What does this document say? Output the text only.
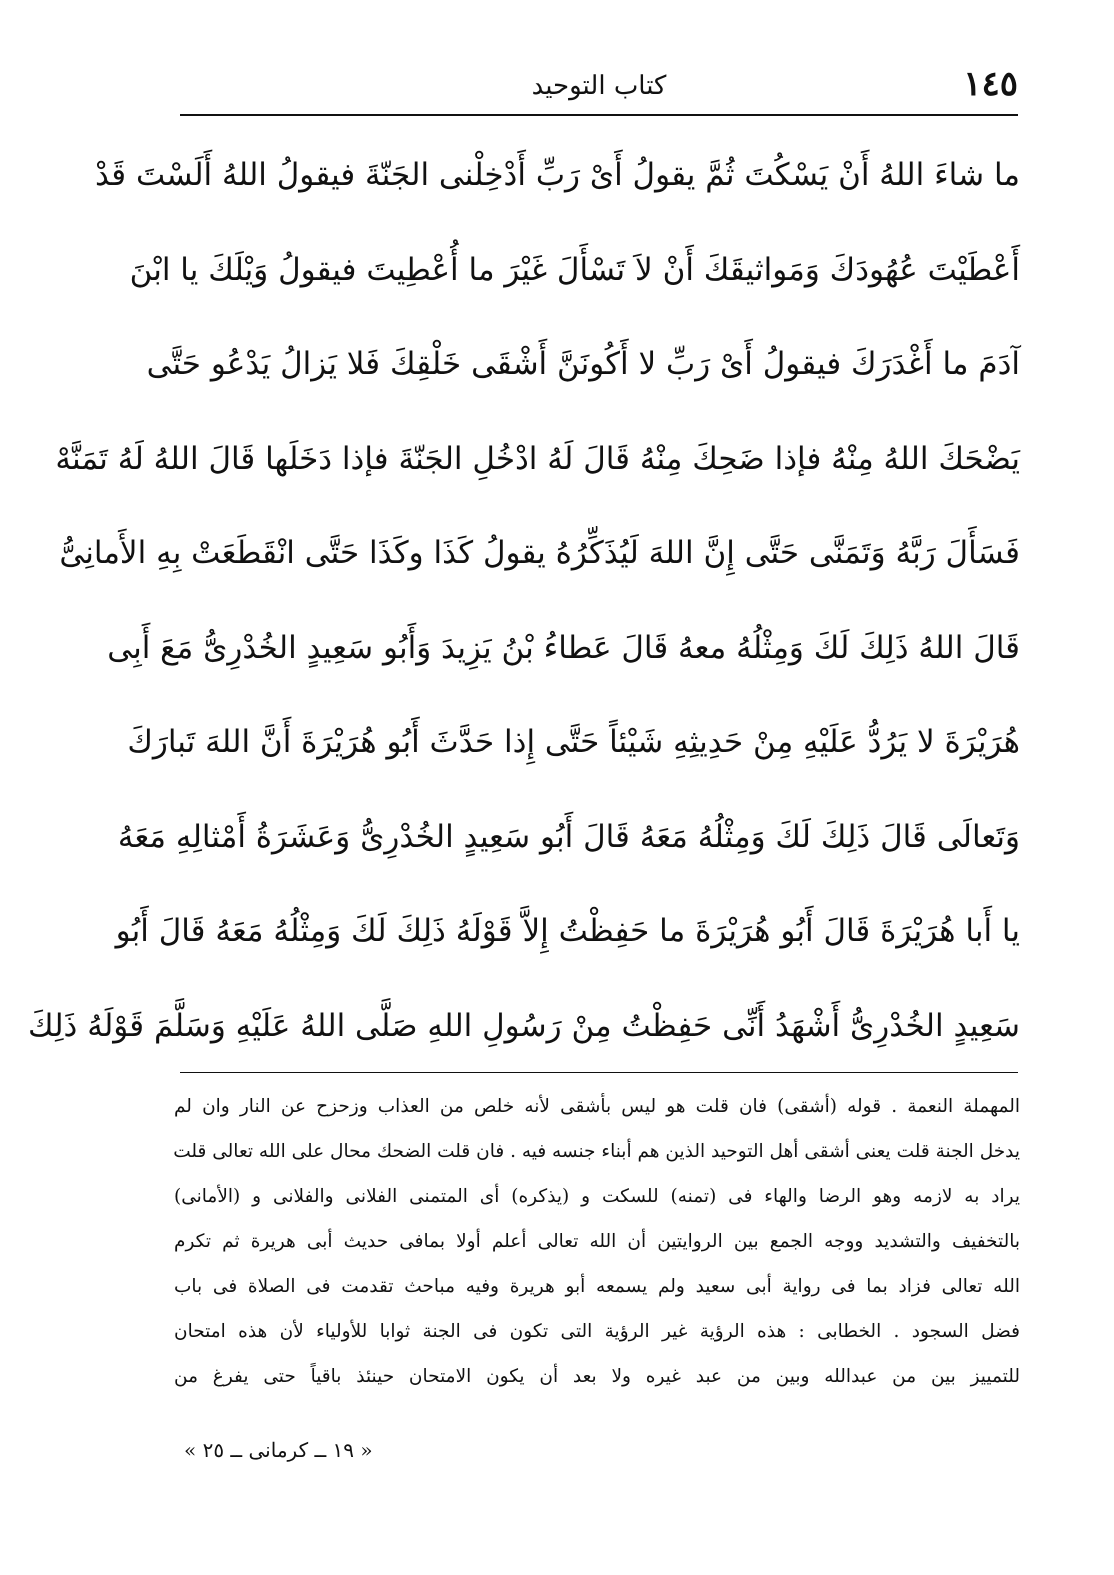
١٤٥
كتاب التوحيد
ما شاءَ اللهُ أَنْ يَسْكُتَ ثُمَّ يقولُ أَىْ رَبِّ أَدْخِلْنى الجَنّةَ فيقولُ اللهُ أَلَسْتَ قَدْ
أَعْطَيْتَ عُهُودَكَ وَمَواثيقَكَ أَنْ لاَ تَسْأَلَ غَيْرَ ما أُعْطِيتَ فيقولُ وَيْلَكَ يا ابْنَ
آدَمَ ما أَغْدَرَكَ فيقولُ أَىْ رَبِّ لا أَكُونَنَّ أَشْقَى خَلْقِكَ فَلا يَزالُ يَدْعُو حَتَّى
يَضْحَكَ اللهُ مِنْهُ فإذا ضَحِكَ مِنْهُ قَالَ لَهُ ادْخُلِ الجَنّةَ فإذا دَخَلَها قَالَ اللهُ لَهُ تَمَنَّهْ
فَسَأَلَ رَبَّهُ وَتَمَنَّى حَتَّى إِنَّ اللهَ لَيُذَكِّرُهُ يقولُ كَذَا وكَذَا حَتَّى انْقَطَعَتْ بِهِ الأَمانِىُّ
قَالَ اللهُ ذَلِكَ لَكَ وَمِثْلُهُ معهُ قَالَ عَطاءُ بْنُ يَزِيدَ وَأَبُو سَعِيدٍ الخُدْرِىُّ مَعَ أَبِى
هُرَيْرَةَ لا يَرُدُّ عَلَيْهِ مِنْ حَدِيثِهِ شَيْئاً حَتَّى إِذا حَدَّثَ أَبُو هُرَيْرَةَ أَنَّ اللهَ تَبارَكَ
وَتَعالَى قَالَ ذَلِكَ لَكَ وَمِثْلُهُ مَعَهُ قَالَ أَبُو سَعِيدٍ الخُدْرِىُّ وَعَشَرَةُ أَمْثالِهِ مَعَهُ
يا أَبا هُرَيْرَةَ قَالَ أَبُو هُرَيْرَةَ ما حَفِظْتُ إِلاَّ قَوْلَهُ ذَلِكَ لَكَ وَمِثْلُهُ مَعَهُ قَالَ أَبُو
سَعِيدٍ الخُدْرِىُّ أَشْهَدُ أَنِّى حَفِظْتُ مِنْ رَسُولِ اللهِ صَلَّى اللهُ عَلَيْهِ وَسَلَّمَ قَوْلَهُ ذَلِكَ
المهملة النعمة . قوله (أشقى) فان قلت هو ليس بأشقى لأنه خلص من العذاب وزحزح عن النار وان لم
يدخل الجنة قلت يعنى أشقى أهل التوحيد الذين هم أبناء جنسه فيه . فان قلت الضحك محال على الله تعالى قلت
يراد به لازمه وهو الرضا والهاء فى (تمنه) للسكت و (يذكره) أى المتمنى الفلانى والفلانى و (الأمانى)
بالتخفيف والتشديد ووجه الجمع بين الروايتين أن الله تعالى أعلم أولا بمافى حديث أبى هريرة ثم تكرم
الله تعالى فزاد بما فى رواية أبى سعيد ولم يسمعه أبو هريرة وفيه مباحث تقدمت فى الصلاة فى باب
فضل السجود . الخطابى : هذه الرؤية غير الرؤية التى تكون فى الجنة ثوابا للأولياء لأن هذه امتحان
للتمييز بين من عبدالله وبين من عبد غيره ولا بعد أن يكون الامتحان حينئذ باقياً حتى يفرغ من
« ١٩ ــ كرمانى ــ ٢٥ »
